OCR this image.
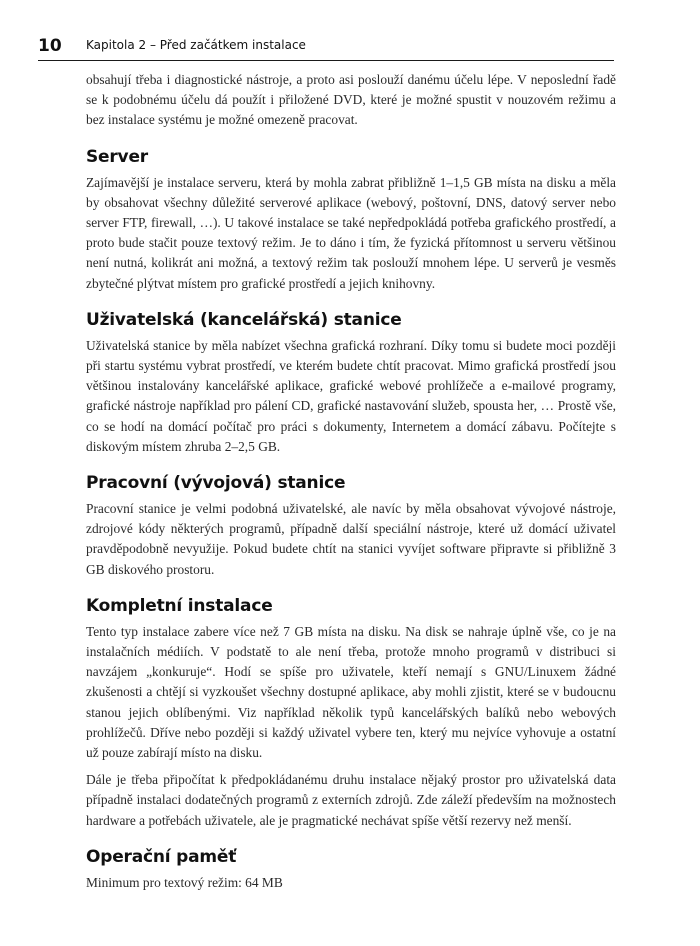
10 Kapitola 2 – Před začátkem instalace

obsahují třeba i diagnostické nástroje, a proto asi poslouží danému účelu lépe. V neposlední řadě se k podobnému účelu dá použít i přiložené DVD, které je možné spustit v nouzovém režimu a bez instalace systému je možné omezeně pracovat.

Server

Zajímavější je instalace serveru, která by mohla zabrat přibližně 1–1,5 GB místa na disku a měla by obsahovat všechny důležité serverové aplikace (webový, poštovní, DNS, datový server nebo server FTP, firewall, …). U takové instalace se také nepředpokládá potřeba grafického prostředí, a proto bude stačit pouze textový režim. Je to dáno i tím, že fyzická přítomnost u serveru většinou není nutná, kolikrát ani možná, a textový režim tak poslouží mnohem lépe. U serverů je vesměs zbytečné plýtvat místem pro grafické prostředí a jejich knihovny.

Uživatelská (kancelářská) stanice

Uživatelská stanice by měla nabízet všechna grafická rozhraní. Díky tomu si budete moci později při startu systému vybrat prostředí, ve kterém budete chtít pracovat. Mimo grafická prostředí jsou většinou instalovány kancelářské aplikace, grafické webové prohlížeče a e-mailové programy, grafické nástroje například pro pálení CD, grafické nastavování služeb, spousta her, … Prostě vše, co se hodí na domácí počítač pro práci s dokumenty, Internetem a domácí zábavu. Počítejte s diskovým místem zhruba 2–2,5 GB.

Pracovní (vývojová) stanice

Pracovní stanice je velmi podobná uživatelské, ale navíc by měla obsahovat vývojové nástroje, zdrojové kódy některých programů, případně další speciální nástroje, které už domácí uživatel pravděpodobně nevyužije. Pokud budete chtít na stanici vyvíjet software připravte si přibližně 3 GB diskového prostoru.

Kompletní instalace

Tento typ instalace zabere více než 7 GB místa na disku. Na disk se nahraje úplně vše, co je na instalačních médiích. V podstatě to ale není třeba, protože mnoho programů v distribuci si navzájem „konkuruje“. Hodí se spíše pro uživatele, kteří nemají s GNU/Linuxem žádné zkušenosti a chtějí si vyzkoušet všechny dostupné aplikace, aby mohli zjistit, které se v budoucnu stanou jejich oblíbenými. Viz například několik typů kancelářských balíků nebo webových prohlížečů. Dříve nebo později si každý uživatel vybere ten, který mu nejvíce vyhovuje a ostatní už pouze zabírají místo na disku.

Dále je třeba připočítat k předpokládanému druhu instalace nějaký prostor pro uživatelská data případně instalaci dodatečných programů z externích zdrojů. Zde záleží především na možnostech hardware a potřebách uživatele, ale je pragmatické nechávat spíše větší rezervy než menší.

Operační paměť

Minimum pro textový režim: 64 MB
